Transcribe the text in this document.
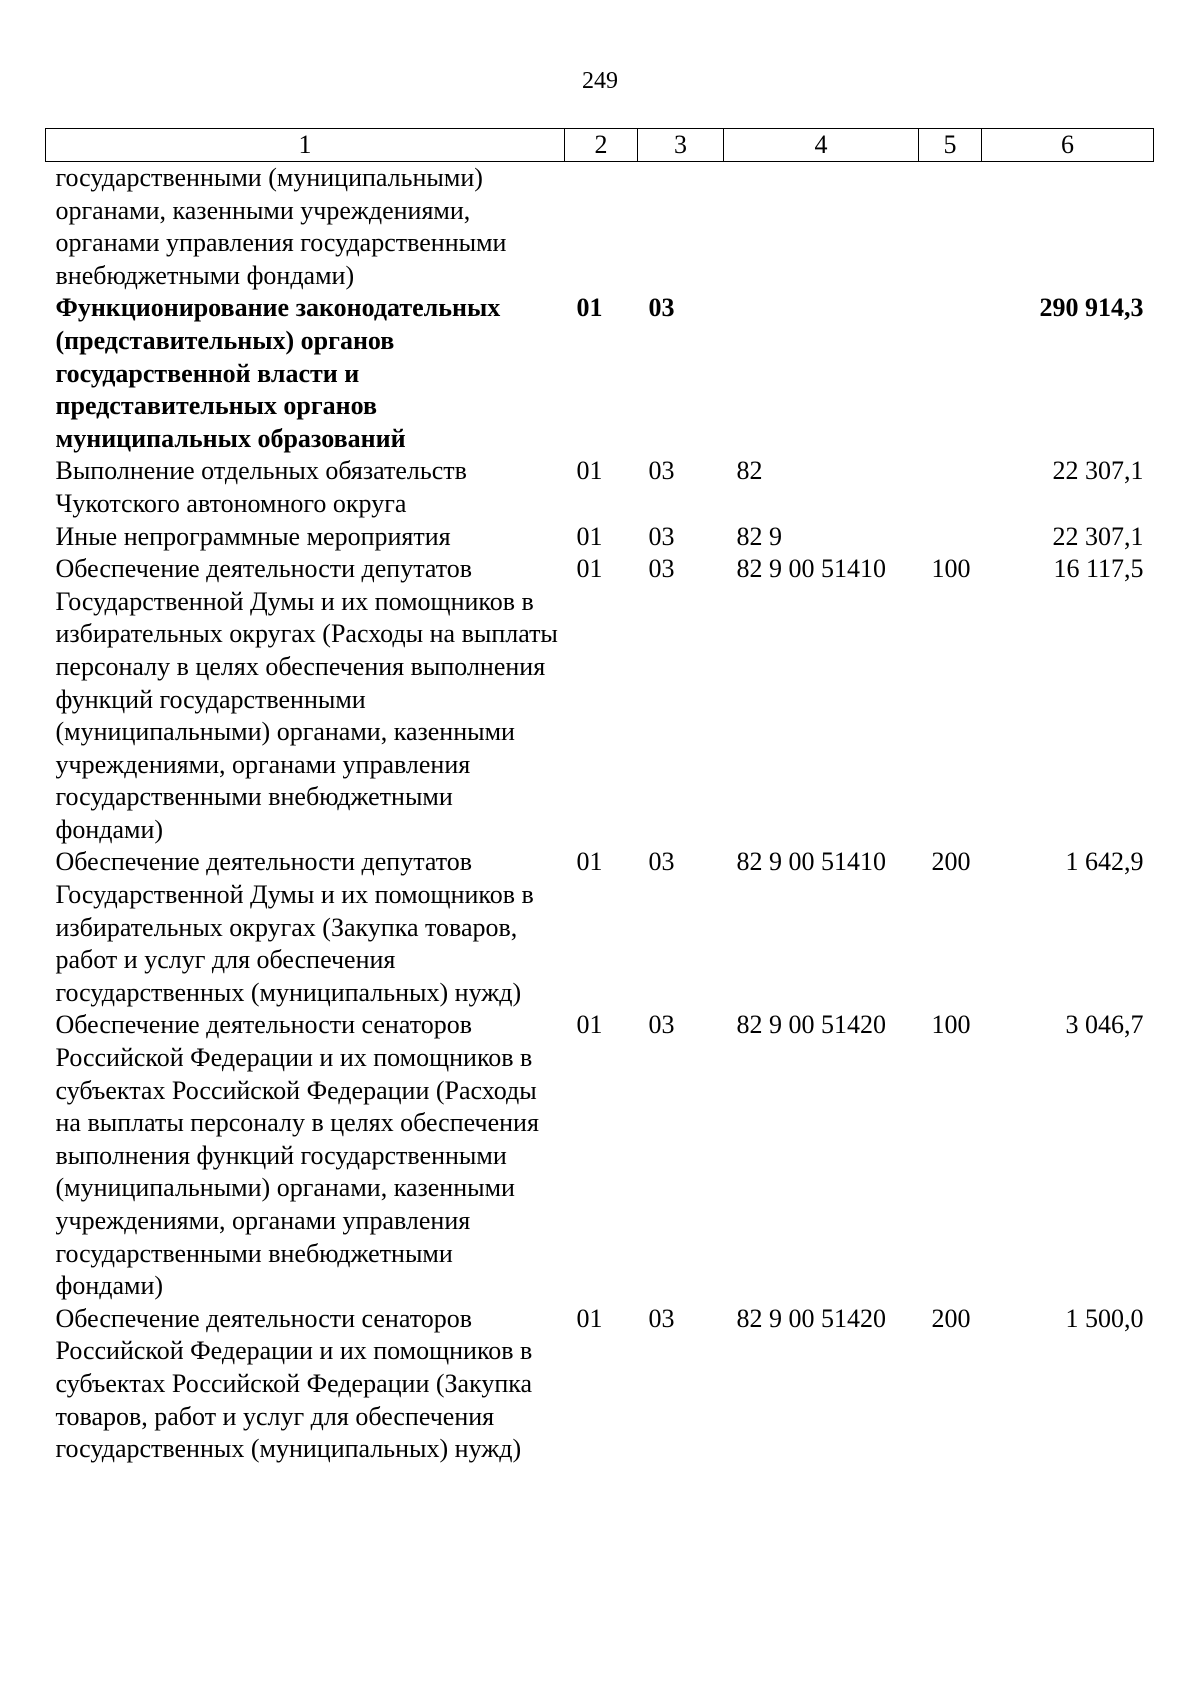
249
1	2	3	4	5	6
государственными (муниципальными) органами, казенными учреждениями, органами управления государственными внебюджетными фондами)					
Функционирование законодательных (представительных) органов государственной власти и представительных органов муниципальных образований	01	03			290 914,3
Выполнение отдельных обязательств Чукотского автономного округа	01	03	82		22 307,1
Иные непрограммные мероприятия	01	03	82 9		22 307,1
Обеспечение деятельности депутатов Государственной Думы и их помощников в избирательных округах (Расходы на выплаты персоналу в целях обеспечения выполнения функций государственными (муниципальными) органами, казенными учреждениями, органами управления государственными внебюджетными фондами)	01	03	82 9 00 51410	100	16 117,5
Обеспечение деятельности депутатов Государственной Думы и их помощников в избирательных округах (Закупка товаров, работ и услуг для обеспечения государственных (муниципальных) нужд)	01	03	82 9 00 51410	200	1 642,9
Обеспечение деятельности сенаторов Российской Федерации и их помощников в субъектах Российской Федерации (Расходы на выплаты персоналу в целях обеспечения выполнения функций государственными (муниципальными) органами, казенными учреждениями, органами управления государственными внебюджетными фондами)	01	03	82 9 00 51420	100	3 046,7
Обеспечение деятельности сенаторов Российской Федерации и их помощников в субъектах Российской Федерации (Закупка товаров, работ и услуг для обеспечения государственных (муниципальных) нужд)	01	03	82 9 00 51420	200	1 500,0
